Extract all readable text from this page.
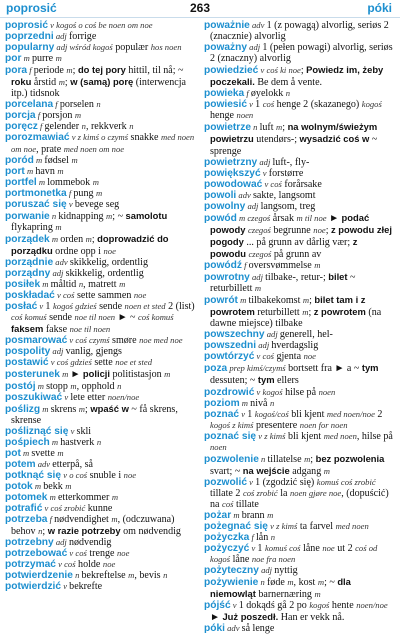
poprosić	263	póki

poprosić v kogoś o coś be noen om noe

poprzedni adj forrige

popularny adj wśród kogoś populær hos noen

por m purre m

pora f periode m; do tej pory hittil, til nå; ~ roku årstid m; w (samą) porę (interwencja itp.) tidsnok

porcelana f porselen n

porcja f porsjon m

poręcz f gelender n, rekkverk n

porozmawiać v z kimś o czymś snakke med noen om noe, prate med noen om noe

poród m fødsel m

port m havn m

portfel m lommebok m

portmonetka f pung m

poruszać się v bevege seg

porwanie n kidnapping m; ~ samolotu flykapring m

porządek m orden m; doprowadzić do porządku ordne opp i noe

porządnie adv skikkelig, ordentlig

porządny adj skikkelig, ordentlig

posiłek m måltid n, matrett m

poskładać v coś sette sammen noe

posłać v 1 kogoś gdzieś sende noen et sted 2 (list) coś komuś sende noe til noen ► ~ coś komuś faksem fakse noe til noen

posmarować v coś czymś smøre noe med noe

pospolity adj vanlig, gjengs

postawić v coś gdzieś sette noe et sted

posterunek m ► policji politistasjon m

postój m stopp m, opphold n

poszukiwać v lete etter noen/noe

poślizg m skrens m; wpaść w ~ få skrens, skrense

pośliznąć się v skli

pośpiech m hastverk n

pot m svette m

potem adv etterpå, så

potknąć się v o coś snuble i noe

potok m bekk m

potomek m etterkommer m

potrafić v coś zrobić kunne

potrzeba f nødvendighet m, (odczuwana) behov n; w razie potrzeby om nødvendig

potrzebny adj nødvendig

potrzebować v coś trenge noe

potrzymać v coś holde noe

potwierdzenie n bekreftelse m, bevis n

potwierdzić v bekrefte

poważnie adv 1 (z powagą) alvorlig, seriøs 2 (znacznie) alvorlig

poważny adj 1 (pełen powagi) alvorlig, seriøs 2 (znaczny) alvorlig

powiedzieć v coś ki noe; Powiedz im, żeby poczekali. Be dem å vente.

powieka f øyelokk n

powiesić v 1 coś henge 2 (skazanego) kogoś henge noen

powietrze n luft m; na wolnym/świeżym powietrzu utendørs-; wysadzić coś w ~ sprenge

powietrzny adj luft-, fly-

powiększyć v forstørre

powodować v coś forårsake

powoli adv sakte, langsomt

powolny adj langsom, treg

powód m czegoś årsak m til noe ► podać powody czegoś begrunne noe; z powodu złej pogody ... på grunn av dårlig vær; z powodu czegoś på grunn av

powódź f oversvømmelse m

powrotny adj tilbake-, retur-; bilet ~ returbillett m

powrót m tilbakekomst m; bilet tam i z powrotem returbillett m; z powrotem (na dawne miejsce) tilbake

powszechny adj generell, hel-

powszedni adj hverdagslig

powtórzyć v coś gjenta noe

poza prep kimś/czymś bortsett fra ► a ~ tym dessuten; ~ tym ellers

pozdrowić v kogoś hilse på noen

poziom m nivå n

poznać v 1 kogoś/coś bli kjent med noen/noe 2 kogoś z kimś presentere noen for noen

poznać się v z kimś bli kjent med noen, hilse på noen

pozwolenie n tillatelse m; bez pozwolenia svart; ~ na wejście adgang m

pozwolić v 1 (zgodzić się) komuś coś zrobić tillate 2 coś zrobić la noen gjøre noe, (dopuścić) na coś tillate

pożar m brann m

pożegnać się v z kimś ta farvel med noen

pożyczka f lån n

pożyczyć v 1 komuś coś låne noe ut 2 coś od kogoś låne noe fra noen

pożyteczny adj nyttig

pożywienie n føde m, kost m; ~ dla niemowląt barnernæring m

pójść v 1 dokądś gå 2 po kogoś hente noen/noe ► Już poszedł. Han er vekk nå.

póki adv så lenge
